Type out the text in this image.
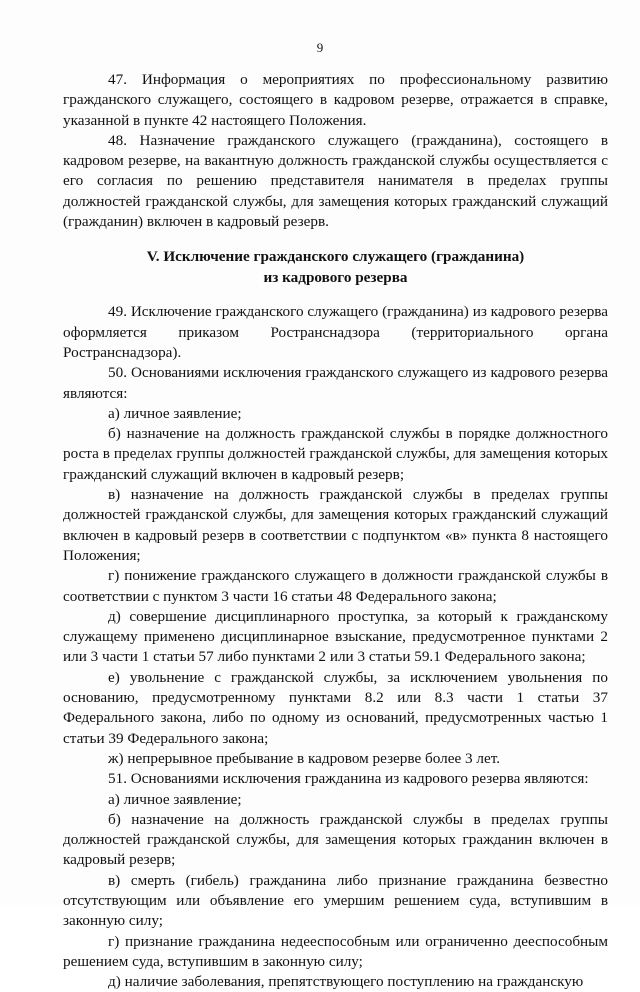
9

47. Информация о мероприятиях по профессиональному развитию гражданского служащего, состоящего в кадровом резерве, отражается в справке, указанной в пункте 42 настоящего Положения.

48. Назначение гражданского служащего (гражданина), состоящего в кадровом резерве, на вакантную должность гражданской службы осуществляется с его согласия по решению представителя нанимателя в пределах группы должностей гражданской службы, для замещения которых гражданский служащий (гражданин) включен в кадровый резерв.

V. Исключение гражданского служащего (гражданина)
из кадрового резерва

49. Исключение гражданского служащего (гражданина) из кадрового резерва оформляется приказом Ространснадзора (территориального органа Ространснадзора).

50. Основаниями исключения гражданского служащего из кадрового резерва являются:

а) личное заявление;

б) назначение на должность гражданской службы в порядке должностного роста в пределах группы должностей гражданской службы, для замещения которых гражданский служащий включен в кадровый резерв;

в) назначение на должность гражданской службы в пределах группы должностей гражданской службы, для замещения которых гражданский служащий включен в кадровый резерв в соответствии с подпунктом «в» пункта 8 настоящего Положения;

г) понижение гражданского служащего в должности гражданской службы в соответствии с пунктом 3 части 16 статьи 48 Федерального закона;

д) совершение дисциплинарного проступка, за который к гражданскому служащему применено дисциплинарное взыскание, предусмотренное пунктами 2 или 3 части 1 статьи 57 либо пунктами 2 или 3 статьи 59.1 Федерального закона;

е) увольнение с гражданской службы, за исключением увольнения по основанию, предусмотренному пунктами 8.2 или 8.3 части 1 статьи 37 Федерального закона, либо по одному из оснований, предусмотренных частью 1 статьи 39 Федерального закона;

ж) непрерывное пребывание в кадровом резерве более 3 лет.

51. Основаниями исключения гражданина из кадрового резерва являются:

а) личное заявление;

б) назначение на должность гражданской службы в пределах группы должностей гражданской службы, для замещения которых гражданин включен в кадровый резерв;

в) смерть (гибель) гражданина либо признание гражданина безвестно отсутствующим или объявление его умершим решением суда, вступившим в законную силу;

г) признание гражданина недееспособным или ограниченно дееспособным решением суда, вступившим в законную силу;

д) наличие заболевания, препятствующего поступлению на гражданскую
